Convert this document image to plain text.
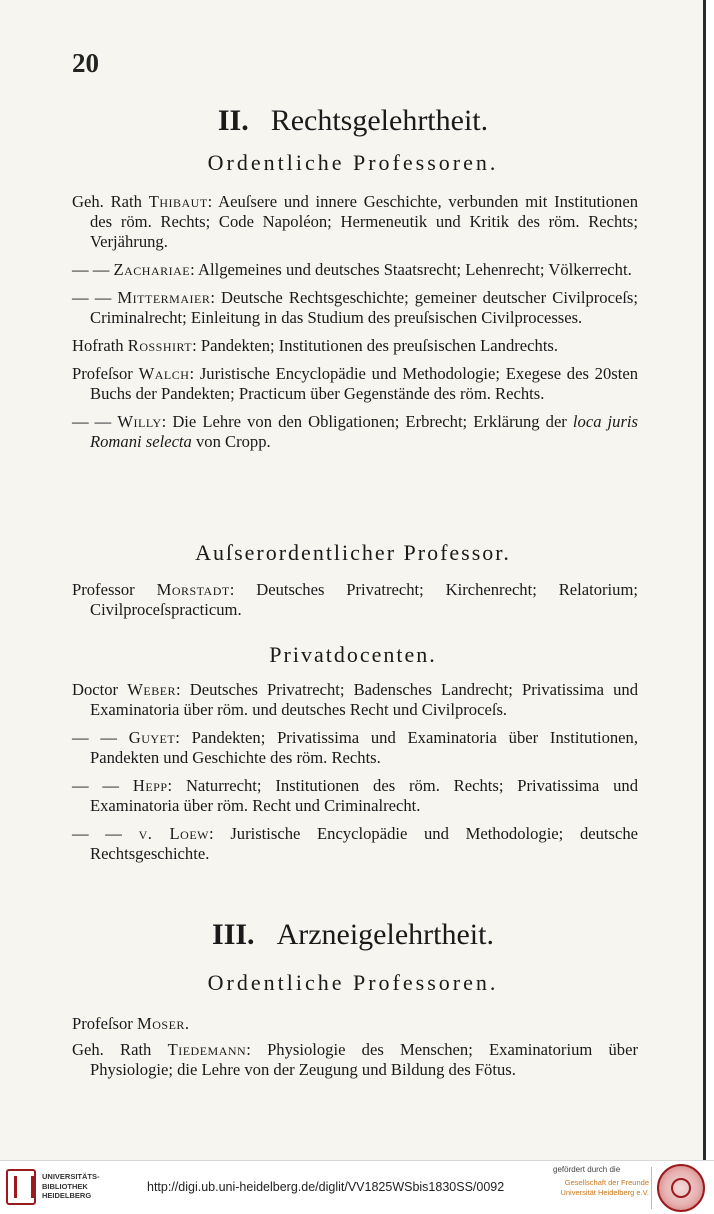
20
II. Rechtsgelehrtheit.
Ordentliche Professoren.

Geh. Rath Thibaut: Aeuſsere und innere Geschichte, verbunden mit Institutionen des röm. Rechts; Code Napoléon; Hermeneutik und Kritik des röm. Rechts; Verjährung.

— — Zachariae: Allgemeines und deutsches Staatsrecht; Lehenrecht; Völkerrecht.

— — Mittermaier: Deutsche Rechtsgeschichte; gemeiner deutscher Civilproceſs; Criminalrecht; Einleitung in das Studium des preuſsischen Civilprocesses.

Hofrath Rosshirt: Pandekten; Institutionen des preuſsischen Landrechts.

Profeſsor Walch: Juristische Encyclopädie und Methodologie; Exegese des 20sten Buchs der Pandekten; Practicum über Gegenstände des röm. Rechts.

— — Willy: Die Lehre von den Obligationen; Erbrecht; Erklärung der loca juris Romani selecta von Cropp.

Auſserordentlicher Professor.

Professor Morstadt: Deutsches Privatrecht; Kirchenrecht; Relatorium; Civilproceſspracticum.

Privatdocenten.

Doctor Weber: Deutsches Privatrecht; Badensches Landrecht; Privatissima und Examinatoria über röm. und deutsches Recht und Civilproceſs.

— — Guyet: Pandekten; Privatissima und Examinatoria über Institutionen, Pandekten und Geschichte des röm. Rechts.

— — Hepp: Naturrecht; Institutionen des röm. Rechts; Privatissima und Examinatoria über röm. Recht und Criminalrecht.

— — v. Loew: Juristische Encyclopädie und Methodologie; deutsche Rechtsgeschichte.

III. Arzneigelehrtheit.
Ordentliche Professoren.

Profeſsor Moser.

Geh. Rath Tiedemann: Physiologie des Menschen; Examinatorium über Physiologie; die Lehre von der Zeugung und Bildung des Fötus.

UNIVERSITÄTS-
BIBLIOTHEK
HEIDELBERG
http://digi.ub.uni-heidelberg.de/diglit/VV1825WSbis1830SS/0092
gefördert durch die
Gesellschaft der Freunde
Universität Heidelberg e.V.
